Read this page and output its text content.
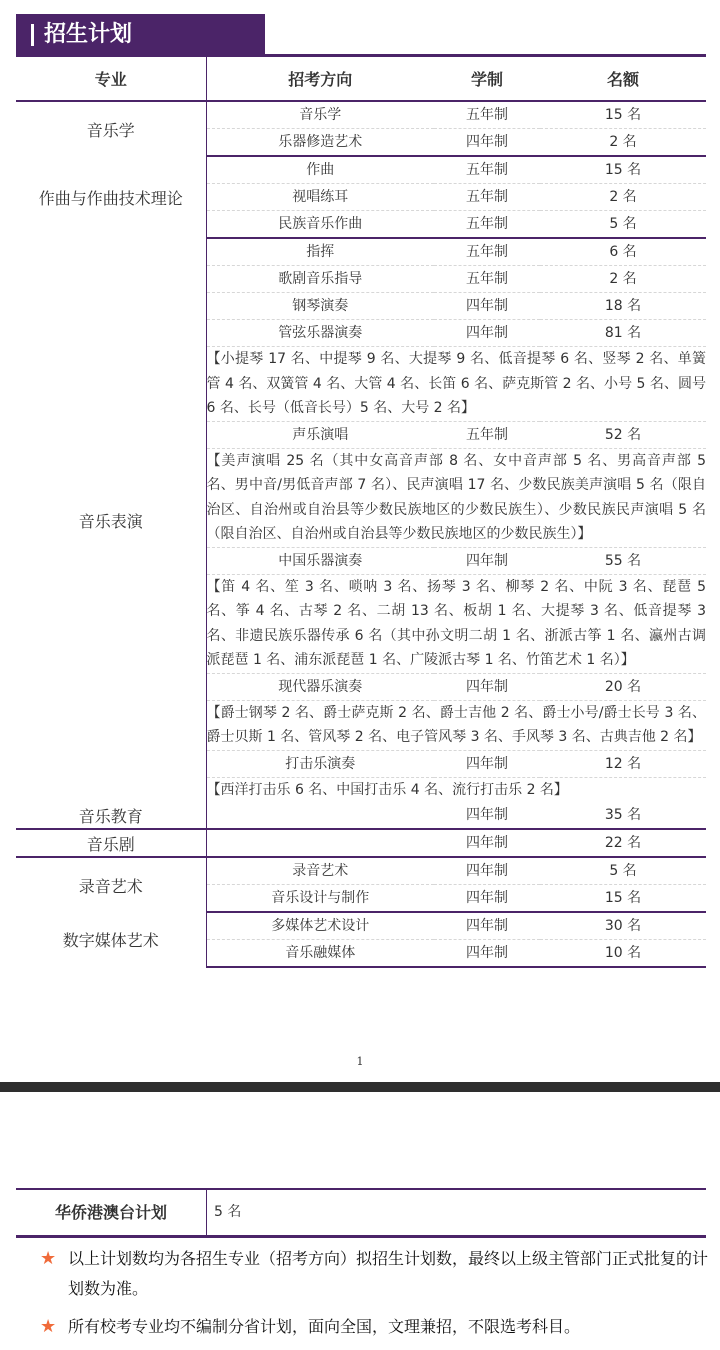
招生计划
专业	招考方向	学制	名额
音乐学	音乐学	五年制	15 名
	乐器修造艺术	四年制	2 名
作曲与作曲技术理论	作曲	五年制	15 名
	视唱练耳	五年制	2 名
	民族音乐作曲	五年制	5 名
音乐表演	指挥	五年制	6 名
	歌剧音乐指导	五年制	2 名
	钢琴演奏	四年制	18 名
	管弦乐器演奏	四年制	81 名
	【小提琴 17 名、中提琴 9 名、大提琴 9 名、低音提琴 6 名、竖琴 2 名、单簧管 4 名、双簧管 4 名、大管 4 名、长笛 6 名、萨克斯管 2 名、小号 5 名、圆号 6 名、长号（低音长号）5 名、大号 2 名】		
	声乐演唱	五年制	52 名
	【美声演唱 25 名（其中女高音声部 8 名、女中音声部 5 名、男高音声部 5 名、男中音/男低音声部 7 名）、民声演唱 17 名、少数民族美声演唱 5 名（限自治区、自治州或自治县等少数民族地区的少数民族生）、少数民族民声演唱 5 名（限自治区、自治州或自治县等少数民族地区的少数民族生）】		
	中国乐器演奏	四年制	55 名
	【笛 4 名、笙 3 名、唢呐 3 名、扬琴 3 名、柳琴 2 名、中阮 3 名、琵琶 5 名、筝 4 名、古琴 2 名、二胡 13 名、板胡 1 名、大提琴 3 名、低音提琴 3 名、非遗民族乐器传承 6 名（其中孙文明二胡 1 名、浙派古筝 1 名、瀛州古调派琵琶 1 名、浦东派琵琶 1 名、广陵派古琴 1 名、竹笛艺术 1 名）】		
	现代器乐演奏	四年制	20 名
	【爵士钢琴 2 名、爵士萨克斯 2 名、爵士吉他 2 名、爵士小号/爵士长号 3 名、爵士贝斯 1 名、管风琴 2 名、电子管风琴 3 名、手风琴 3 名、古典吉他 2 名】		
	打击乐演奏	四年制	12 名
	【西洋打击乐 6 名、中国打击乐 4 名、流行打击乐 2 名】		
音乐教育		四年制	35 名
音乐剧		四年制	22 名
录音艺术	录音艺术	四年制	5 名
	音乐设计与制作	四年制	15 名
数字媒体艺术	多媒体艺术设计	四年制	30 名
	音乐融媒体	四年制	10 名
1
华侨港澳台计划	5 名
★ 以上计划数均为各招生专业（招考方向）拟招生计划数，最终以上级主管部门正式批复的计划数为准。
★ 所有校考专业均不编制分省计划，面向全国，文理兼招，不限选考科目。
